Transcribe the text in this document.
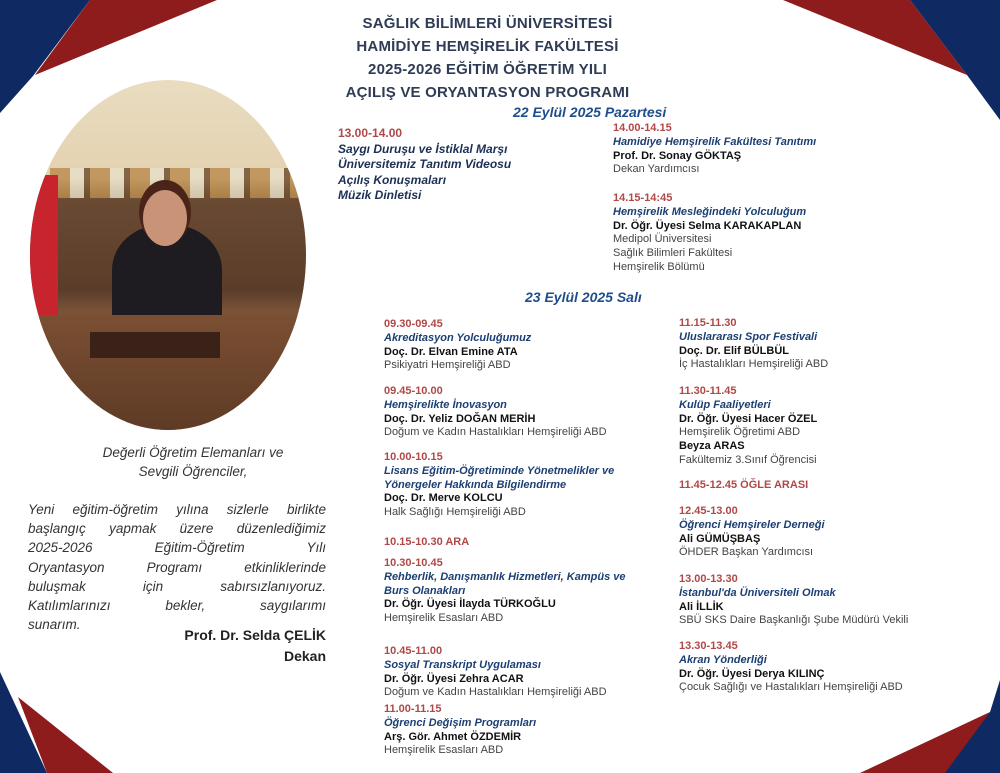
SAĞLIK BİLİMLERİ ÜNİVERSİTESİ
HAMİDİYE HEMŞİRELİK FAKÜLTESİ
2025-2026 EĞİTİM ÖĞRETİM YILI
AÇILIŞ VE ORYANTASYON PROGRAMI
22 Eylül 2025 Pazartesi
23 Eylül 2025 Salı
Değerli Öğretim Elemanları ve
Sevgili Öğrenciler,
Yeni eğitim-öğretim yılına sizlerle birlikte
başlangıç yapmak üzere düzenlediğimiz
2025-2026 Eğitim-Öğretim Yılı
Oryantasyon Programı etkinliklerinde
buluşmak için sabırsızlanıyoruz.
Katılımlarınızı bekler, saygılarımı
sunarım.
Prof. Dr. Selda ÇELİK
Dekan
13.00-14.00
Saygı Duruşu ve İstiklal Marşı
Üniversitemiz Tanıtım Videosu
Açılış Konuşmaları
Müzik Dinletisi
14.00-14.15
Hamidiye Hemşirelik Fakültesi Tanıtımı
Prof. Dr. Sonay GÖKTAŞ
Dekan Yardımcısı
14.15-14:45
Hemşirelik Mesleğindeki Yolculuğum
Dr. Öğr. Üyesi Selma KARAKAPLAN
Medipol Üniversitesi
Sağlık Bilimleri Fakültesi
Hemşirelik Bölümü
09.30-09.45
Akreditasyon Yolculuğumuz
Doç. Dr. Elvan Emine ATA
Psikiyatri Hemşireliği ABD
09.45-10.00
Hemşirelikte İnovasyon
Doç. Dr. Yeliz DOĞAN MERİH
Doğum ve Kadın Hastalıkları Hemşireliği ABD
10.00-10.15
Lisans Eğitim-Öğretiminde Yönetmelikler ve
Yönergeler Hakkında Bilgilendirme
Doç. Dr. Merve KOLCU
Halk Sağlığı Hemşireliği ABD
10.15-10.30 ARA
10.30-10.45
Rehberlik, Danışmanlık Hizmetleri, Kampüs ve
Burs Olanakları
Dr. Öğr. Üyesi İlayda TÜRKOĞLU
Hemşirelik Esasları ABD
10.45-11.00
Sosyal Transkript Uygulaması
Dr. Öğr. Üyesi Zehra ACAR
Doğum ve Kadın Hastalıkları Hemşireliği ABD
11.00-11.15
Öğrenci Değişim Programları
Arş. Gör. Ahmet ÖZDEMİR
Hemşirelik Esasları ABD
11.15-11.30
Uluslararası Spor Festivali
Doç. Dr. Elif BÜLBÜL
İç Hastalıkları Hemşireliği ABD
11.30-11.45
Kulüp Faaliyetleri
Dr. Öğr. Üyesi Hacer ÖZEL
Hemşirelik Öğretimi ABD
Beyza ARAS
Fakültemiz 3.Sınıf Öğrencisi
11.45-12.45 ÖĞLE ARASI
12.45-13.00
Öğrenci Hemşireler Derneği
Ali GÜMÜŞBAŞ
ÖHDER Başkan Yardımcısı
13.00-13.30
İstanbul'da Üniversiteli Olmak
Ali İLLİK
SBÜ SKS Daire Başkanlığı Şube Müdürü Vekili
13.30-13.45
Akran Yönderliği
Dr. Öğr. Üyesi Derya KILINÇ
Çocuk Sağlığı ve Hastalıkları Hemşireliği ABD
